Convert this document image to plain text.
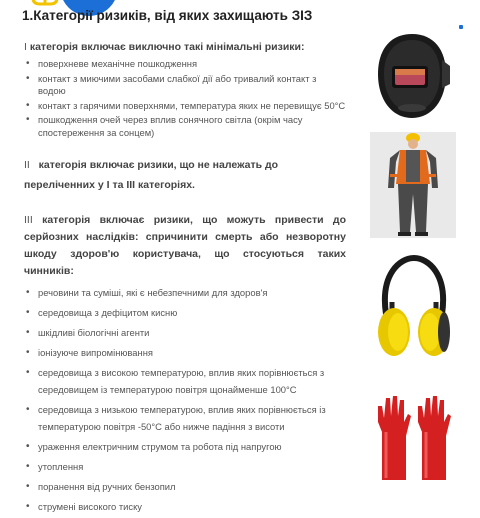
1.Категорії ризиків, від яких захищають ЗІЗ

І категорія включає виключно такі мінімальні ризики:

• поверхневе механічне пошкодження
• контакт з миючими засобами слабкої дії або тривалий контакт з водою
• контакт з гарячими поверхнями, температура яких не перевищує 50°С
• пошкодження очей через вплив сонячного світла (окрім часу спостереження за сонцем)

ІІ   категорія включає ризики, що не належать до переліченних у І та ІІІ категоріях.

ІІІ категорія включає ризики, що можуть привести до серйозних наслідків: спричинити смерть або незворотну шкоду здоров'ю користувача, що стосуються таких чинників:

• речовини та суміші, які є небезпечними для здоров'я
• середовища з дефіцитом кисню
• шкідливі біологічні агенти
• іонізуюче випромінювання
• середовища з високою температурою, вплив яких порівнюється з середовищем із температурою повітря щонайменше 100°С
• середовища з низькою температурою, вплив яких порівнюється із температурою повітря -50°С або нижче падіння з висоти
• ураження електричним струмом та робота під напругою
• утоплення
• поранення від ручних бензопил
• струмені високого тиску
